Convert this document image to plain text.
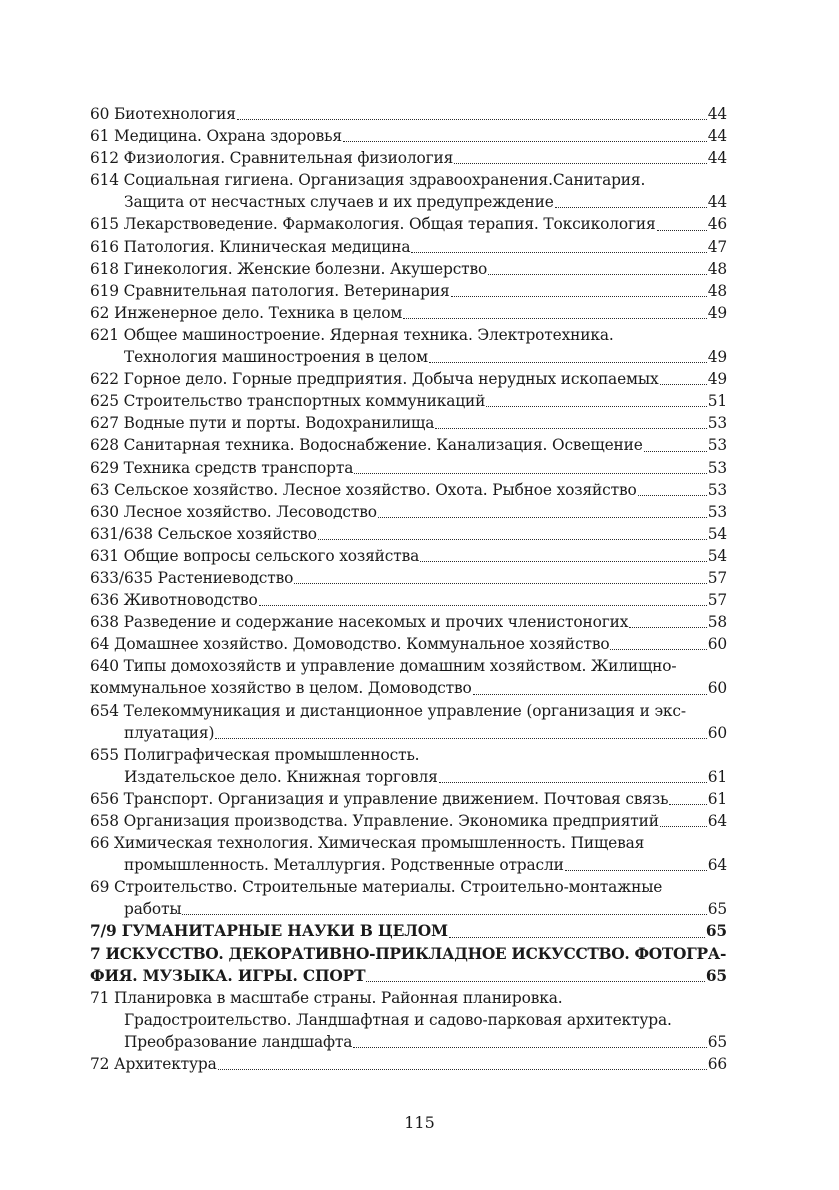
60 Биотехнология	44
61 Медицина. Охрана здоровья	44
612 Физиология. Сравнительная физиология	44
614 Социальная гигиена. Организация здравоохранения.Санитария.
Защита от несчастных случаев и их предупреждение	44
615 Лекарствоведение. Фармакология. Общая терапия. Токсикология	46
616 Патология. Клиническая медицина	47
618 Гинекология. Женские болезни. Акушерство	48
619 Сравнительная патология. Ветеринария	48
62 Инженерное дело. Техника в целом	49
621 Общее машиностроение. Ядерная техника. Электротехника.
Технология машиностроения в целом	49
622 Горное дело. Горные предприятия. Добыча нерудных ископаемых	49
625 Строительство транспортных коммуникаций	51
627 Водные пути и порты. Водохранилища	53
628 Санитарная техника. Водоснабжение. Канализация. Освещение	53
629 Техника средств транспорта	53
63 Сельское хозяйство. Лесное хозяйство. Охота. Рыбное хозяйство	53
630 Лесное хозяйство. Лесоводство	53
631/638 Сельское хозяйство	54
631 Общие вопросы сельского хозяйства	54
633/635 Растениеводство	57
636 Животноводство	57
638 Разведение и содержание насекомых и прочих членистоногих	58
64 Домашнее хозяйство. Домоводство. Коммунальное хозяйство	60
640 Типы домохозяйств и управление домашним хозяйством. Жилищно-
коммунальное хозяйство в целом. Домоводство	60
654 Телекоммуникация и дистанционное управление (организация и экс-
плуатация)	60
655 Полиграфическая промышленность.
Издательское дело. Книжная торговля	61
656 Транспорт. Организация и управление движением. Почтовая связь	61
658 Организация производства. Управление. Экономика предприятий	64
66 Химическая технология. Химическая промышленность. Пищевая
промышленность. Металлургия. Родственные отрасли	64
69 Строительство. Строительные материалы. Строительно-монтажные
работы	65
7/9 ГУМАНИТАРНЫЕ НАУКИ В ЦЕЛОМ	65
7 ИСКУССТВО. ДЕКОРАТИВНО-ПРИКЛАДНОЕ ИСКУССТВО. ФОТОГРА-
ФИЯ. МУЗЫКА. ИГРЫ. СПОРТ	65
71 Планировка в масштабе страны. Районная планировка.
Градостроительство. Ландшафтная и садово-парковая архитектура.
Преобразование ландшафта	65
72 Архитектура	66
115
